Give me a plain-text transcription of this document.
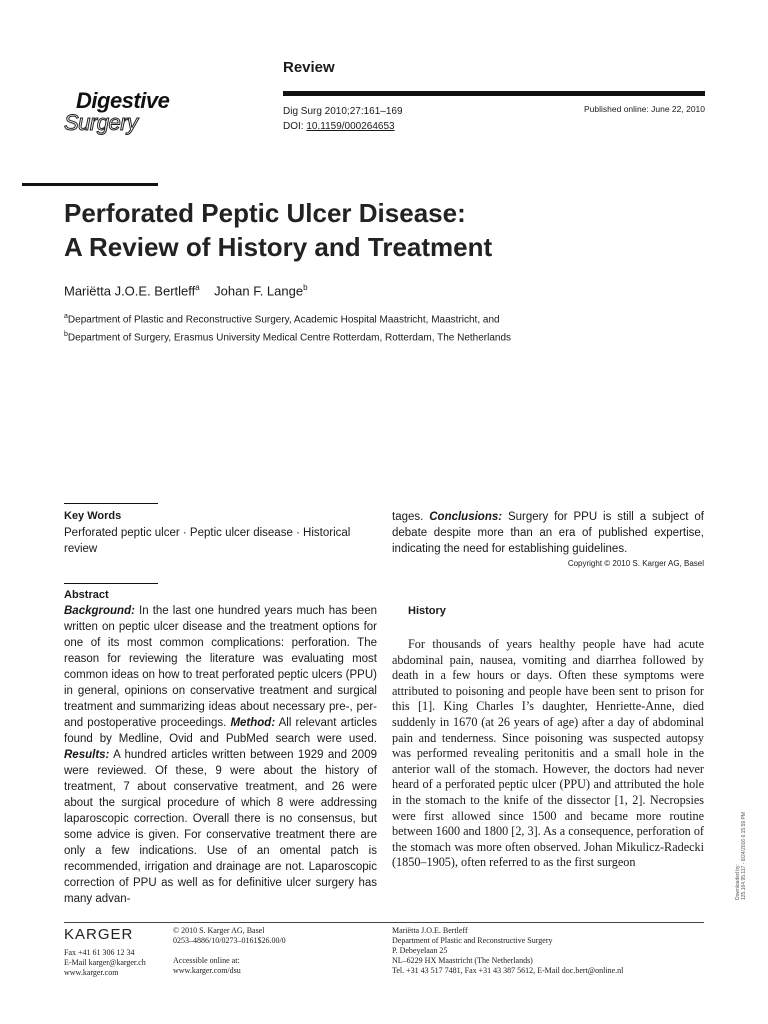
Review
Digestive
Surgery	Dig Surg 2010;27:161–169
DOI: 10.1159/000264653
Published online: June 22, 2010
Perforated Peptic Ulcer Disease:
A Review of History and Treatment
Mariëtta J.O.E. Bertleff$^a$ Johan F. Lange$^b$
$^a$Department of Plastic and Reconstructive Surgery, Academic Hospital Maastricht, Maastricht, and
$^b$Department of Surgery, Erasmus University Medical Centre Rotterdam, Rotterdam, The Netherlands
Key Words
Perforated peptic ulcer · Peptic ulcer disease · Historical review
Abstract
Background: In the last one hundred years much has been written on peptic ulcer disease and the treatment options for one of its most common complications: perforation. The reason for reviewing the literature was evaluating most common ideas on how to treat perforated peptic ulcers (PPU) in general, opinions on conservative treatment and surgical treatment and summarizing ideas about necessary pre-, per- and postoperative proceedings. Method: All relevant articles found by Medline, Ovid and PubMed search were used. Results: A hundred articles written between 1929 and 2009 were reviewed. Of these, 9 were about the history of treatment, 7 about conservative treatment, and 26 were about the surgical procedure of which 8 were addressing laparoscopic correction. Overall there is no consensus, but some advice is given. For conservative treatment there are only a few indications. Use of an omental patch is recommended, irrigation and drainage are not. Laparoscopic correction of PPU as well as for definitive ulcer surgery has many advan-
tages. Conclusions: Surgery for PPU is still a subject of debate despite more than an era of published expertise, indicating the need for establishing guidelines.
Copyright © 2010 S. Karger AG, Basel
History
For thousands of years healthy people have had acute abdominal pain, nausea, vomiting and diarrhea followed by death in a few hours or days. Often these symptoms were attributed to poisoning and people have been sent to prison for this [1]. King Charles I’s daughter, Henriette-Anne, died suddenly in 1670 (at 26 years of age) after a day of abdominal pain and tenderness. Since poisoning was suspected autopsy was performed revealing peritonitis and a small hole in the anterior wall of the stomach. However, the doctors had never heard of a perforated peptic ulcer (PPU) and attributed the hole in the stomach to the knife of the dissector [1, 2]. Necropsies were first allowed since 1500 and became more routine between 1600 and 1800 [2, 3]. As a consequence, perforation of the stomach was more often observed. Johan Mikulicz-Radecki (1850–1905), often referred to as the first surgeon
KARGER
Fax +41 61 306 12 34
E-Mail karger@karger.ch
www.karger.com
© 2010 S. Karger AG, Basel
0253–4886/10/0273–0161$26.00/0
Accessible online at:
www.karger.com/dsu
Mariëtta J.O.E. Bertleff
Department of Plastic and Reconstructive Surgery
P. Debeyelaan 25
NL–6229 HX Maastricht (The Netherlands)
Tel. +31 43 517 7481, Fax +31 43 387 5612, E-Mail doc.bert@online.nl
Downloaded by: 125.164.95.117 - 8/24/2016 6:15:59 PM
